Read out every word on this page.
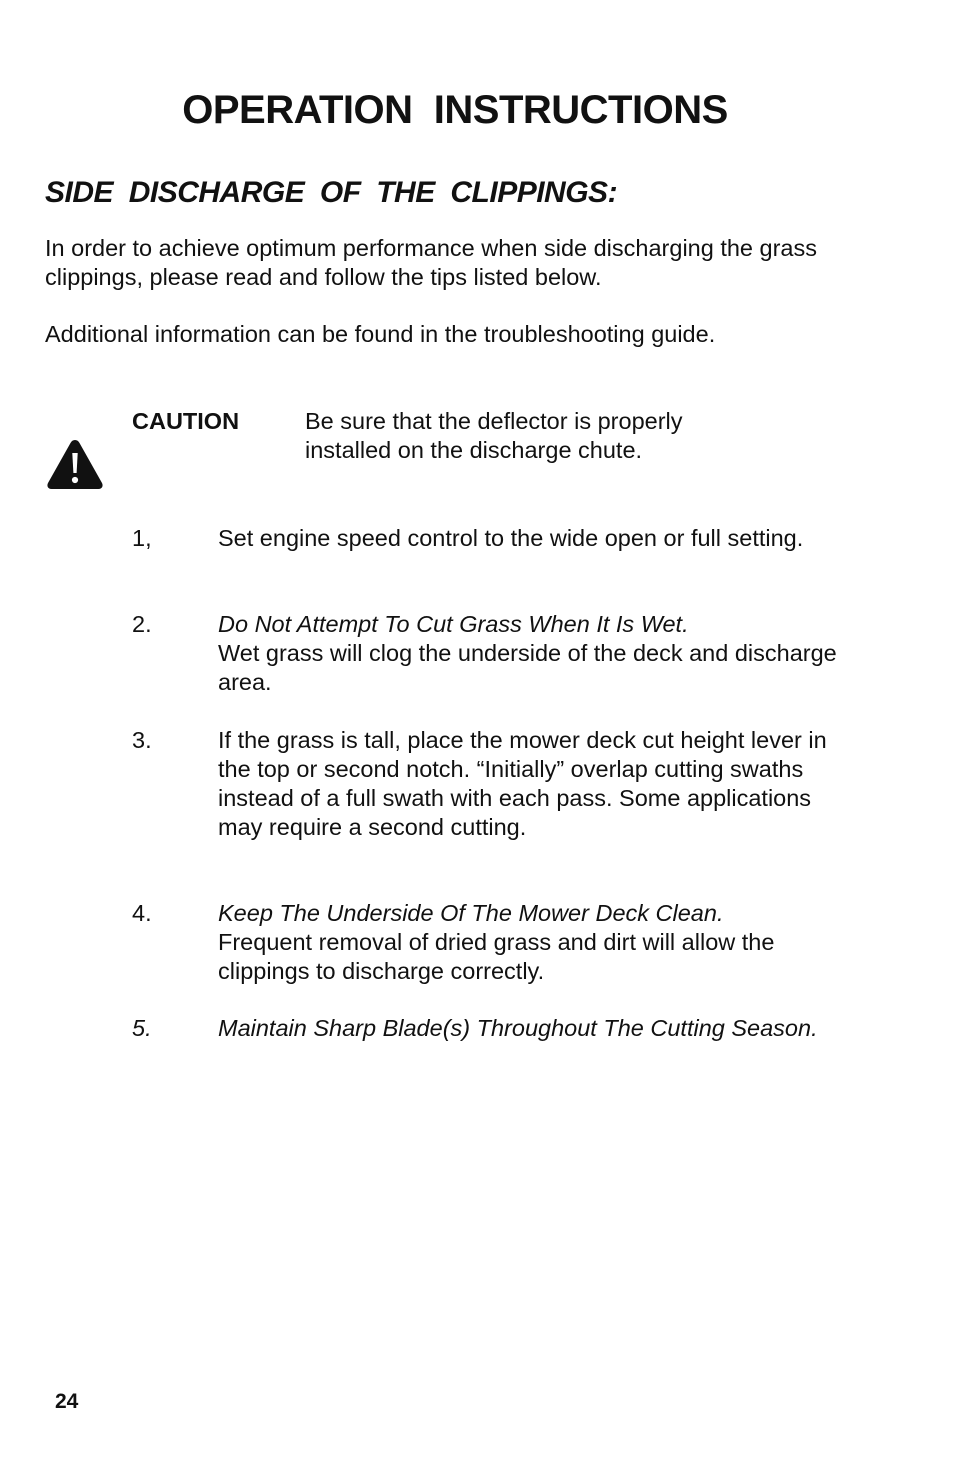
OPERATION  INSTRUCTIONS
SIDE  DISCHARGE  OF  THE  CLIPPINGS:

In order to achieve optimum performance when side discharging the grass clippings, please read and follow the tips listed below.

Additional information can be found in the troubleshooting guide.

CAUTION	Be sure that the deflector is properly installed on the discharge chute.
1,	Set engine speed control to the wide open or full setting.
2.	Do Not Attempt To Cut Grass When It Is Wet.
Wet grass will clog the underside of the deck and discharge area.
3.	If the grass is tall, place the mower deck cut height lever in the top or second notch. “Initially” overlap cutting swaths instead of a full swath with each pass. Some applications may require a second cutting.
4.	Keep The Underside Of The Mower Deck Clean.
Frequent removal of dried grass and dirt will allow the clippings to discharge correctly.
5.	Maintain Sharp Blade(s) Throughout The Cutting Season.
24
